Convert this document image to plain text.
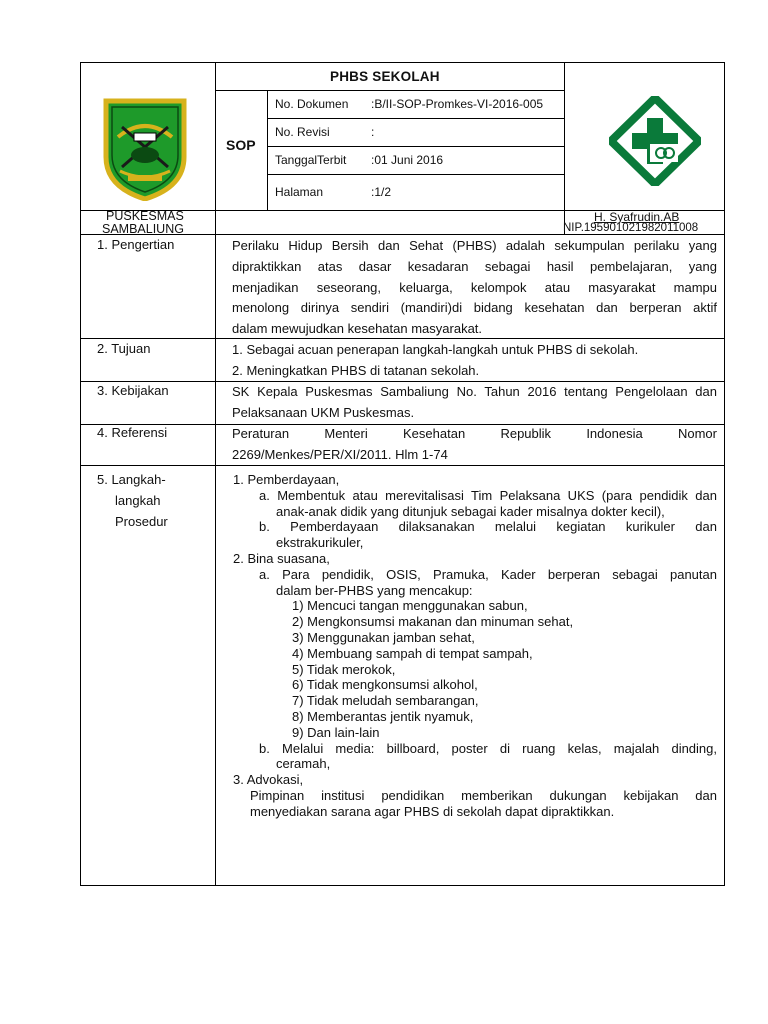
PHBS SEKOLAH
SOP
No. Dokumen :B/II-SOP-Promkes-VI-2016-005
No. Revisi	:
TanggalTerbit :01 Juni 2016
Halaman	:1/2
PUSKESMAS
SAMBALIUNG
H. Syafrudin.AB
NIP.195901021982011008
1. Pengertian
2. Tujuan
3. Kebijakan
4. Referensi
5. Langkah-
langkah
Prosedur
Perilaku Hidup Bersih dan Sehat (PHBS) adalah sekumpulan perilaku yang
dipraktikkan atas dasar kesadaran sebagai hasil pembelajaran, yang
menjadikan seseorang, keluarga, kelompok atau masyarakat mampu
menolong dirinya sendiri (mandiri)di bidang kesehatan dan berperan aktif
dalam mewujudkan kesehatan masyarakat.
1. Sebagai acuan penerapan langkah-langkah untuk PHBS di sekolah.
2. Meningkatkan PHBS di tatanan sekolah.
SK Kepala Puskesmas Sambaliung No. Tahun 2016 tentang Pengelolaan dan
Pelaksanaan UKM Puskesmas.
Peraturan Menteri Kesehatan Republik Indonesia Nomor
2269/Menkes/PER/XI/2011. Hlm 1-74
1. Pemberdayaan,
a. Membentuk atau merevitalisasi Tim Pelaksana UKS (para pendidik dan
anak-anak didik yang ditunjuk sebagai kader misalnya dokter kecil),
b. Pemberdayaan dilaksanakan melalui kegiatan kurikuler dan
ekstrakurikuler,
2. Bina suasana,
a. Para pendidik, OSIS, Pramuka, Kader berperan sebagai panutan
dalam ber-PHBS yang mencakup:
1) Mencuci tangan menggunakan sabun,
2) Mengkonsumsi makanan dan minuman sehat,
3) Menggunakan jamban sehat,
4) Membuang sampah di tempat sampah,
5) Tidak merokok,
6) Tidak mengkonsumsi alkohol,
7) Tidak meludah sembarangan,
8) Memberantas jentik nyamuk,
9) Dan lain-lain
b. Melalui media: billboard, poster di ruang kelas, majalah dinding,
ceramah,
3. Advokasi,
Pimpinan institusi pendidikan memberikan dukungan kebijakan dan
menyediakan sarana agar PHBS di sekolah dapat dipraktikkan.
